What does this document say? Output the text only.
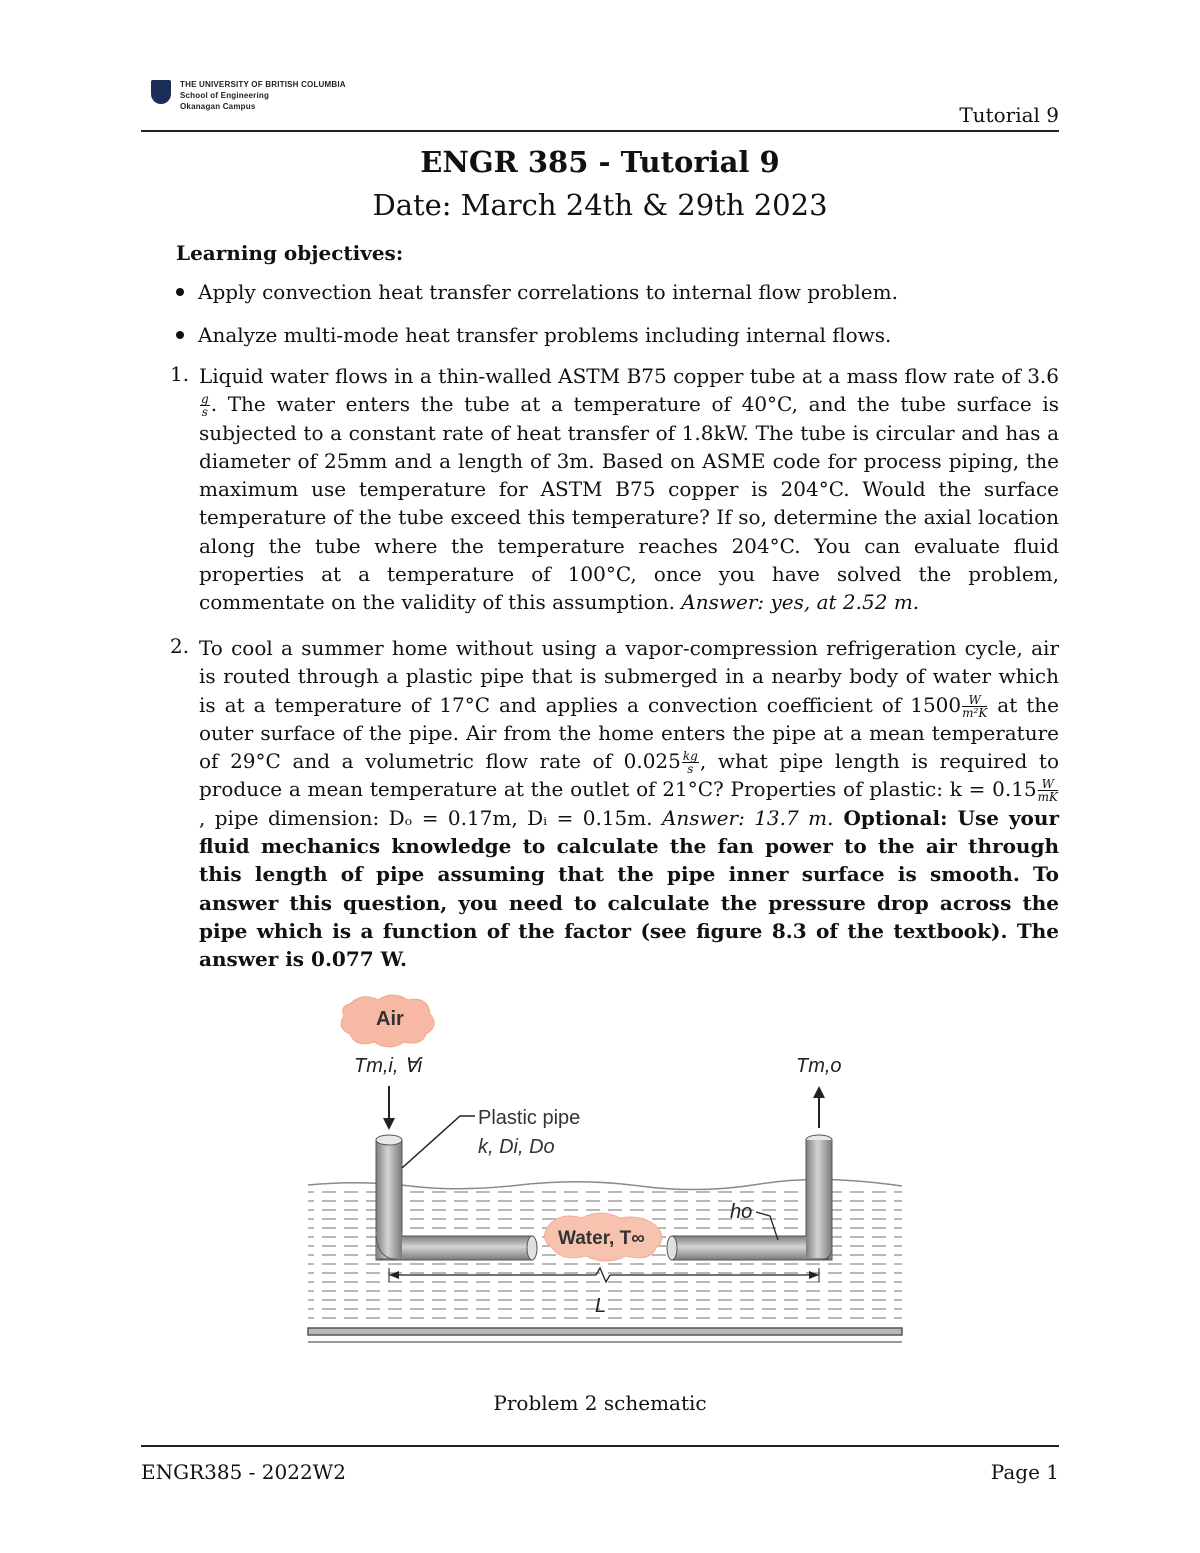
THE UNIVERSITY OF BRITISH COLUMBIA
School of Engineering
Okanagan Campus	Tutorial 9
ENGR 385 - Tutorial 9
Date: March 24th & 29th 2023
Learning objectives:
Apply convection heat transfer correlations to internal flow problem.
Analyze multi-mode heat transfer problems including internal flows.
1. Liquid water flows in a thin-walled ASTM B75 copper tube at a mass flow rate of 3.6
$\frac{g}{s}$ . The water enters the tube at a temperature of 40°C, and the tube surface is subjected to a constant rate of heat transfer of 1.8kW. The tube is circular and has a diameter of 25mm and a length of 3m. Based on ASME code for process piping, the maximum use temperature for ASTM B75 copper is 204°C. Would the surface temperature of the tube exceed this temperature? If so, determine the axial location along the tube where the temperature reaches 204°C. You can evaluate fluid properties at a temperature of 100°C, once you have solved the problem, commentate on the validity of this assumption. Answer: yes, at 2.52 m.
2. To cool a summer home without using a vapor-compression refrigeration cycle, air is routed through a plastic pipe that is submerged in a nearby body of water which is at a temperature of 17°C and applies a convection coefficient of $1500 \frac{W}{\text{m²K}}$ at the outer surface of the pipe. Air from the home enters the pipe at a mean temperature of 29°C and a volumetric flow rate of $0.025 \frac{kg}{s}$ , what pipe length is required to produce a mean temperature at the outlet of 21°C? Properties of plastic: $k = 0.15 \frac{W}{mK}$
, pipe dimension: Dₒ = 0.17m, Dᵢ = 0.15m. Answer: 13.7 m. Optional: Use your fluid mechanics knowledge to calculate the fan power to the air through this length of pipe assuming that the pipe inner surface is smooth. To answer this question, you need to calculate the pressure drop across the pipe which is a function of the factor (see figure 8.3 of the textbook). The answer is 0.077 W.
Air
Tm,i, ∀i	Tm,o
Plastic pipe
k, Di, Do
Water, T∞
ho
L
Problem 2 schematic
ENGR385 - 2022W2	Page 1
